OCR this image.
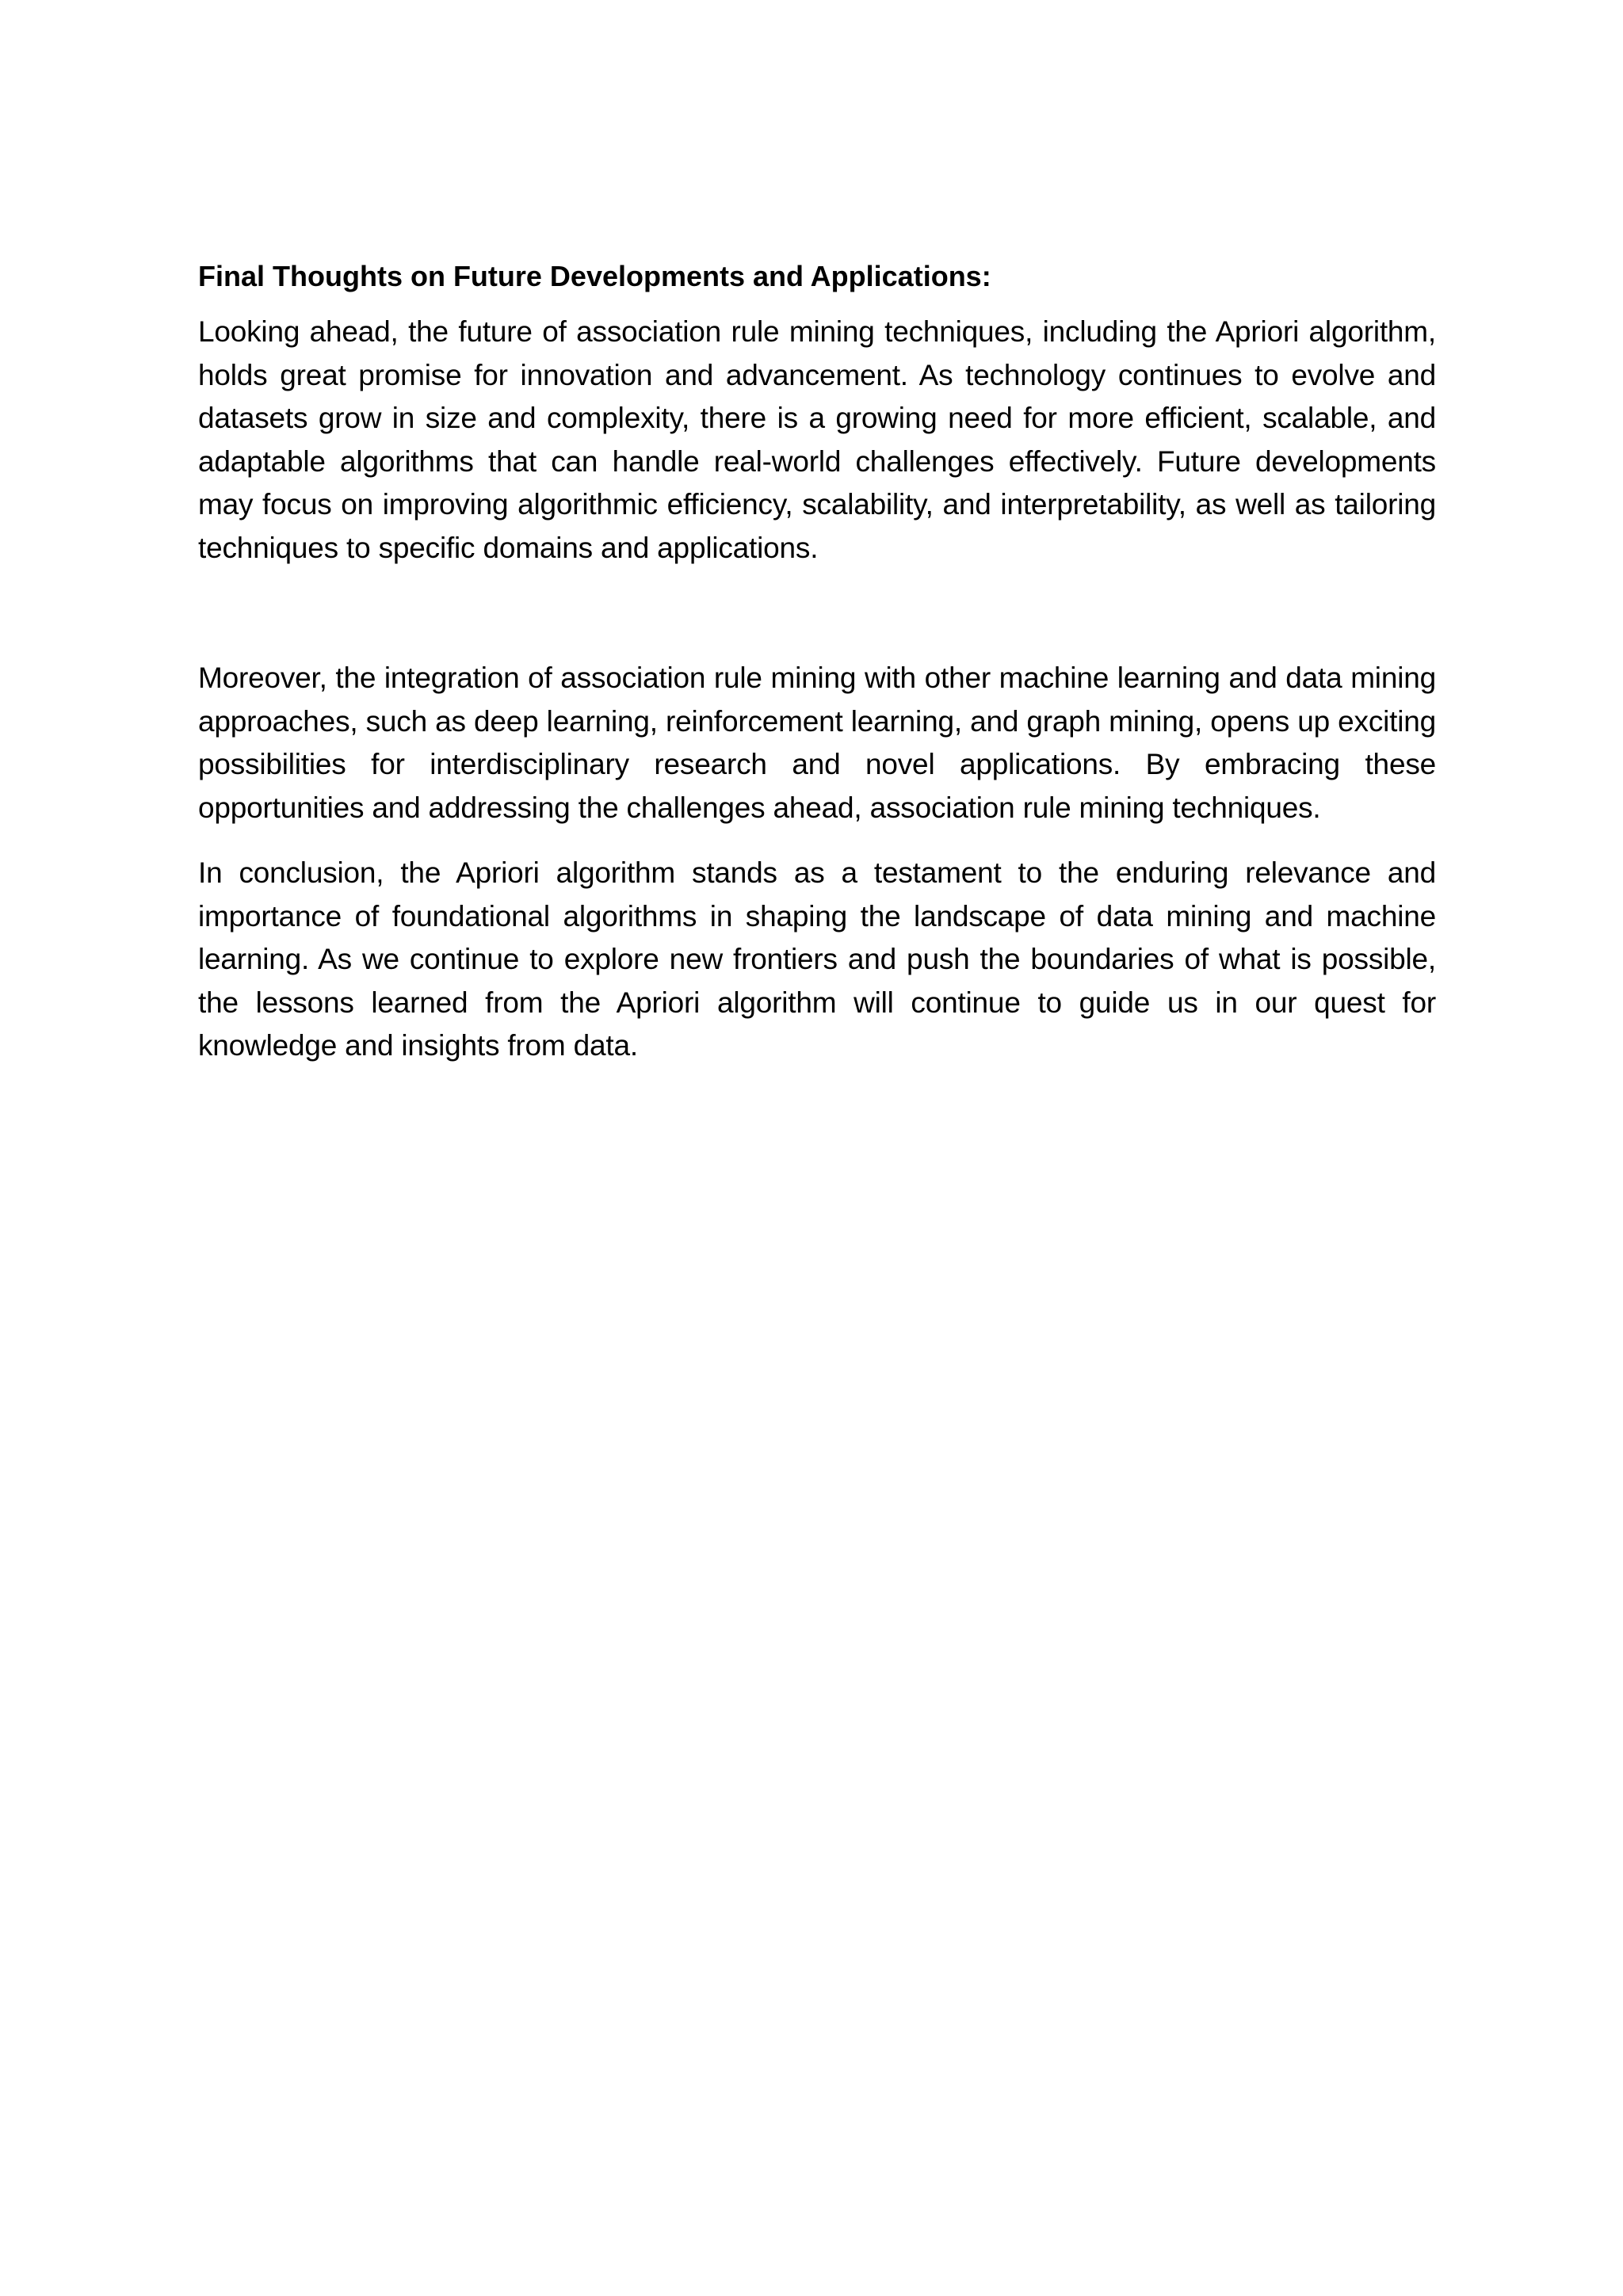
Final Thoughts on Future Developments and Applications:

Looking ahead, the future of association rule mining techniques, including the Apriori algorithm, holds great promise for innovation and advancement. As technology continues to evolve and datasets grow in size and complexity, there is a growing need for more efficient, scalable, and adaptable algorithms that can handle real-world challenges effectively. Future developments may focus on improving algorithmic efficiency, scalability, and interpretability, as well as tailoring techniques to specific domains and applications.

Moreover, the integration of association rule mining with other machine learning and data mining approaches, such as deep learning, reinforcement learning, and graph mining, opens up exciting possibilities for interdisciplinary research and novel applications. By embracing these opportunities and addressing the challenges ahead, association rule mining techniques.

In conclusion, the Apriori algorithm stands as a testament to the enduring relevance and importance of foundational algorithms in shaping the landscape of data mining and machine learning. As we continue to explore new frontiers and push the boundaries of what is possible, the lessons learned from the Apriori algorithm will continue to guide us in our quest for knowledge and insights from data.
